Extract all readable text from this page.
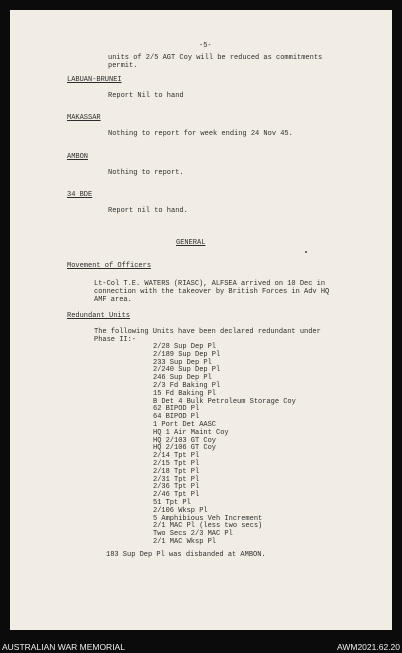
-5-

units of 2/5 AGT Coy will be reduced as commitments

permit.

LABUAN-BRUNEI

Report Nil to hand

MAKASSAR

Nothing to report for week ending 24 Nov 45.

AMBON

Nothing to report.

34 BDE

Report nil to hand.

GENERAL

Movement of Officers

Lt-Col T.E. WATERS (RIASC), ALFSEA arrived on 10 Dec in

connection with the takeover by British Forces in Adv HQ

AMF area.

Redundant Units

The following Units have been declared redundant under

Phase II:-

2/28 Sup Dep Pl

2/189 Sup Dep Pl

233 Sup Dep Pl

2/240 Sup Dep Pl

246 Sup Dep Pl

2/3 Fd Baking Pl

15 Fd Baking Pl

B Det 4 Bulk Petroleum Storage Coy

62 BIPOD Pl

64 BIPOD Pl

1 Port Det AASC

HQ 1 Air Maint Coy

HQ 2/103 GT Coy

HQ 2/106 GT Coy

2/14 Tpt Pl

2/15 Tpt Pl

2/18 Tpt Pl

2/31 Tpt Pl

2/36 Tpt Pl

2/46 Tpt Pl

51 Tpt Pl

2/106 Wksp Pl

5 Amphibious Veh Increment

2/1 MAC Pl (less two secs)

Two Secs 2/3 MAC Pl

2/1 MAC Wksp Pl

183 Sup Dep Pl was disbanded at AMBON.

AUSTRALIAN WAR MEMORIAL	AWM2021.62.20
